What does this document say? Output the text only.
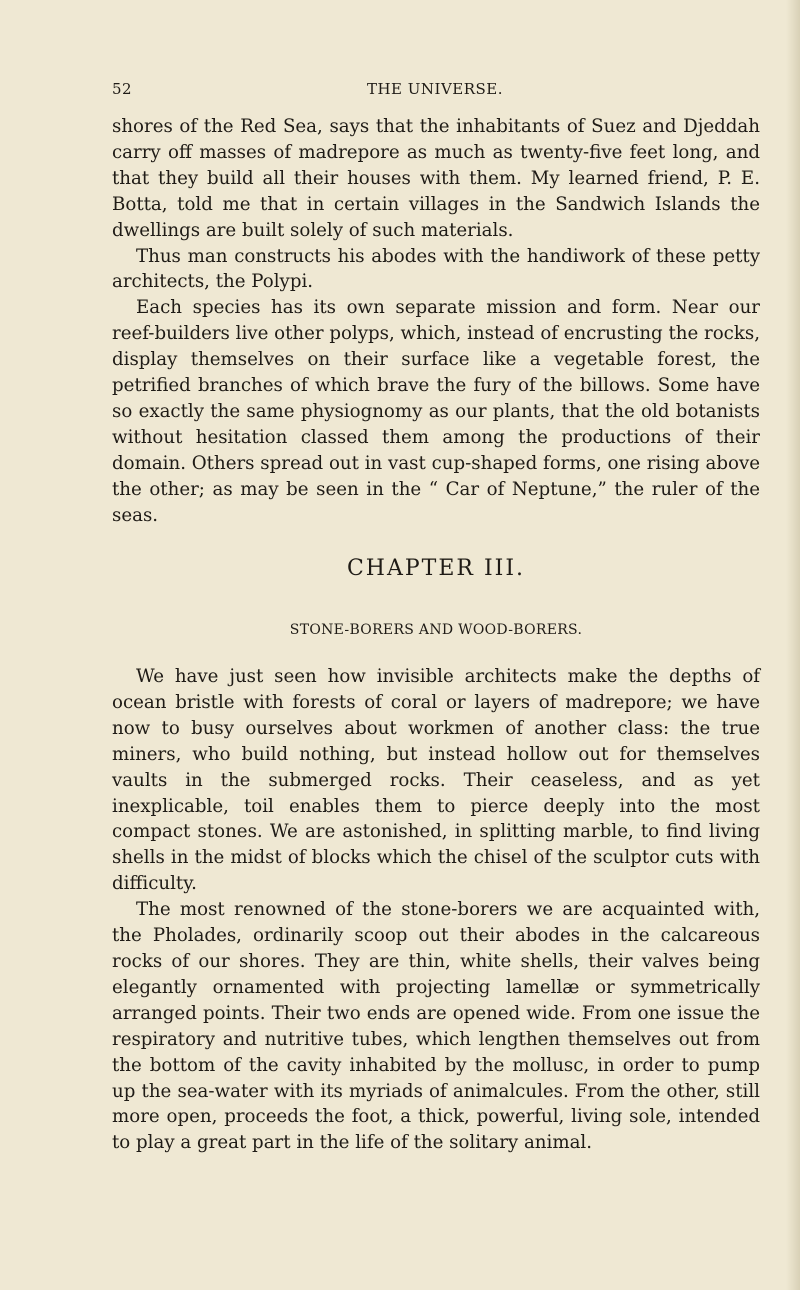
52	THE UNIVERSE.

shores of the Red Sea, says that the inhabitants of Suez and Djeddah carry off masses of madrepore as much as twenty-five feet long, and that they build all their houses with them. My learned friend, P. E. Botta, told me that in certain villages in the Sandwich Islands the dwellings are built solely of such materials.

Thus man constructs his abodes with the handiwork of these petty architects, the Polypi.

Each species has its own separate mission and form. Near our reef-builders live other polyps, which, instead of encrusting the rocks, display themselves on their surface like a vegetable forest, the petrified branches of which brave the fury of the billows. Some have so exactly the same physiognomy as our plants, that the old botanists without hesitation classed them among the productions of their domain. Others spread out in vast cup-shaped forms, one rising above the other; as may be seen in the “ Car of Neptune,” the ruler of the seas.

CHAPTER III.
STONE-BORERS AND WOOD-BORERS.

We have just seen how invisible architects make the depths of ocean bristle with forests of coral or layers of madrepore; we have now to busy ourselves about workmen of another class: the true miners, who build nothing, but instead hollow out for themselves vaults in the submerged rocks. Their ceaseless, and as yet inexplicable, toil enables them to pierce deeply into the most compact stones. We are astonished, in splitting marble, to find living shells in the midst of blocks which the chisel of the sculptor cuts with difficulty.

The most renowned of the stone-borers we are acquainted with, the Pholades, ordinarily scoop out their abodes in the calcareous rocks of our shores. They are thin, white shells, their valves being elegantly ornamented with projecting lamellæ or symmetrically arranged points. Their two ends are opened wide. From one issue the respiratory and nutritive tubes, which lengthen themselves out from the bottom of the cavity inhabited by the mollusc, in order to pump up the sea-water with its myriads of animalcules. From the other, still more open, proceeds the foot, a thick, powerful, living sole, intended to play a great part in the life of the solitary animal.
